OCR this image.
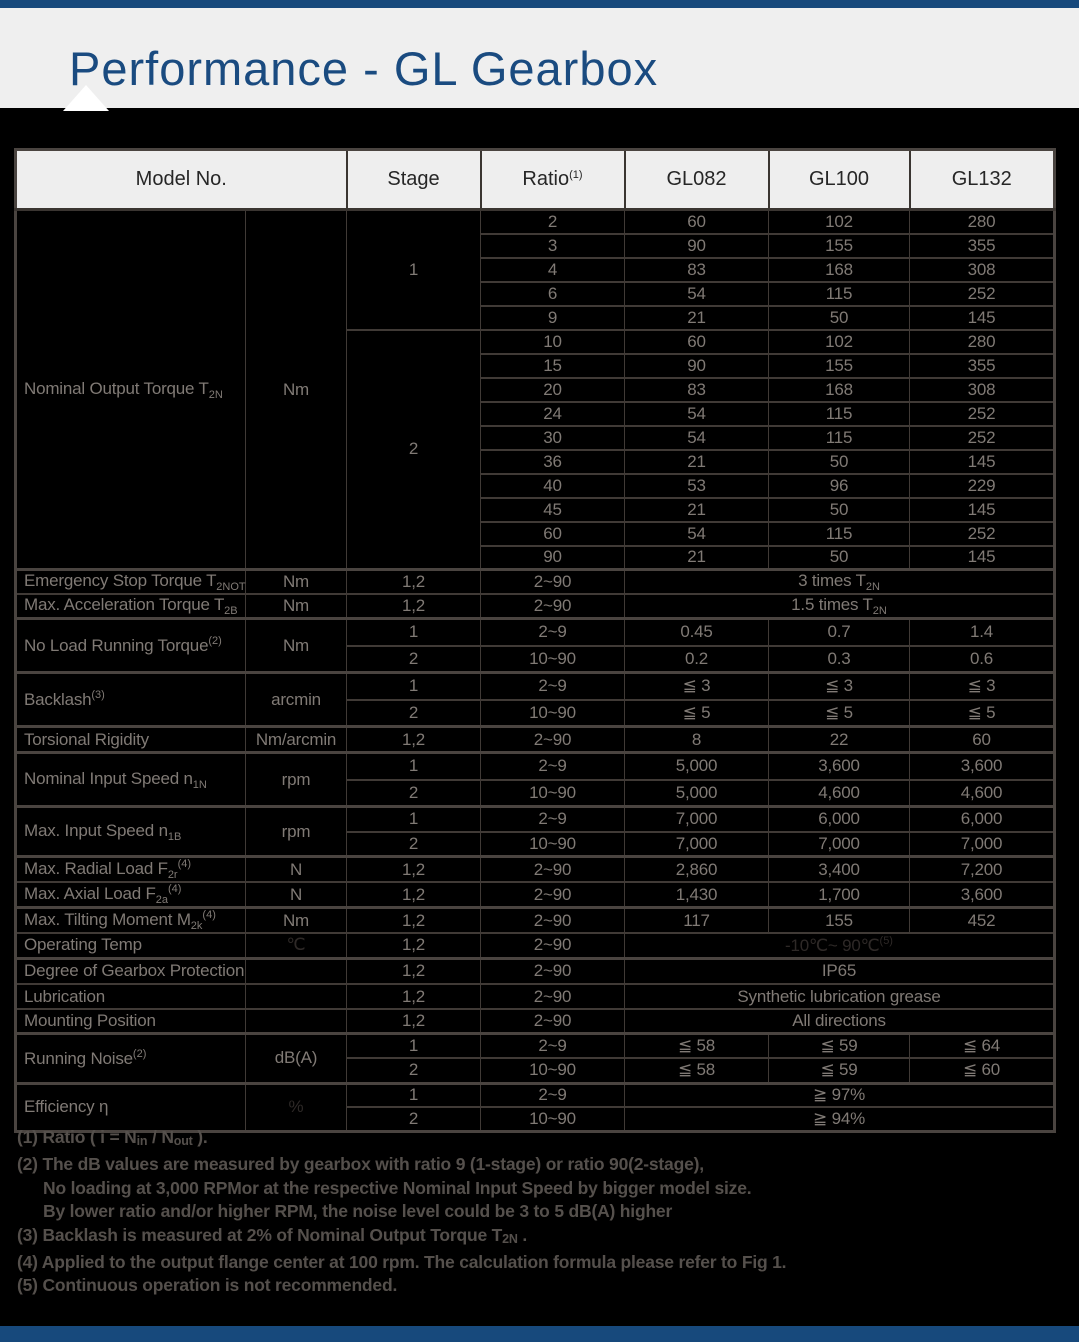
Performance - GL Gearbox
Model No.		Stage	Ratio$^{(1)}$	GL082	GL100	GL132
Nominal Output Torque $T_{2N}$	Nm	1	2	60	102	280
			3	90	155	355
			4	83	168	308
			6	54	115	252
			9	21	50	145
		2	10	60	102	280
			15	90	155	355
			20	83	168	308
			24	54	115	252
			30	54	115	252
			36	21	50	145
			40	53	96	229
			45	21	50	145
			60	54	115	252
			90	21	50	145
Emergency Stop Torque $T_{2NOT}$	Nm	1,2	2~90	3 times $T_{2N}$
Max. Acceleration Torque $T_{2B}$	Nm	1,2	2~90	1.5 times $T_{2N}$
No Load Running Torque$^{(2)}$	Nm	1	2~9	0.45	0.7	1.4
		2	10~90	0.2	0.3	0.6
Backlash$^{(3)}$	arcmin	1	2~9	≦ 3	≦ 3	≦ 3
		2	10~90	≦ 5	≦ 5	≦ 5
Torsional Rigidity	Nm/arcmin	1,2	2~90	8	22	60
Nominal Input Speed $n_{1N}$	rpm	1	2~9	5,000	3,600	3,600
		2	10~90	5,000	4,600	4,600
Max. Input Speed $n_{1B}$	rpm	1	2~9	7,000	6,000	6,000
		2	10~90	7,000	7,000	7,000
Max. Radial Load $F_{2r}^{(4)}$	N	1,2	2~90	2,860	3,400	7,200
Max. Axial Load $F_{2a}^{(4)}$	N	1,2	2~90	1,430	1,700	3,600
Max. Tilting Moment $M_{2k}^{(4)}$	Nm	1,2	2~90	117	155	452
Operating Temp	℃	1,2	2~90	-10℃~ 90℃$^{(5)}$
Degree of Gearbox Protection		1,2	2~90	IP65		
Lubrication		1,2	2~90	Synthetic lubrication grease		
Mounting Position		1,2	2~90	All directions		
Running Noise$^{(2)}$	dB(A)	1	2~9	≦ 58	≦ 59	≦ 64
		2	10~90	≦ 58	≦ 59	≦ 60
Efficiency η	%	1	2~9	≧ 97%		
		2	10~90	≧ 94%		
(1) Ratio ( i = Nin / Nout ).
(2) The dB values are measured by gearbox with ratio 9 (1-stage) or ratio 90(2-stage),
No loading at 3,000 RPMor at the respective Nominal Input Speed by bigger model size.
By lower ratio and/or higher RPM, the noise level could be 3 to 5 dB(A) higher
(3) Backlash is measured at 2% of Nominal Output Torque T2N .
(4) Applied to the output flange center at 100 rpm. The calculation formula please refer to Fig 1.
(5) Continuous operation is not recommended.
